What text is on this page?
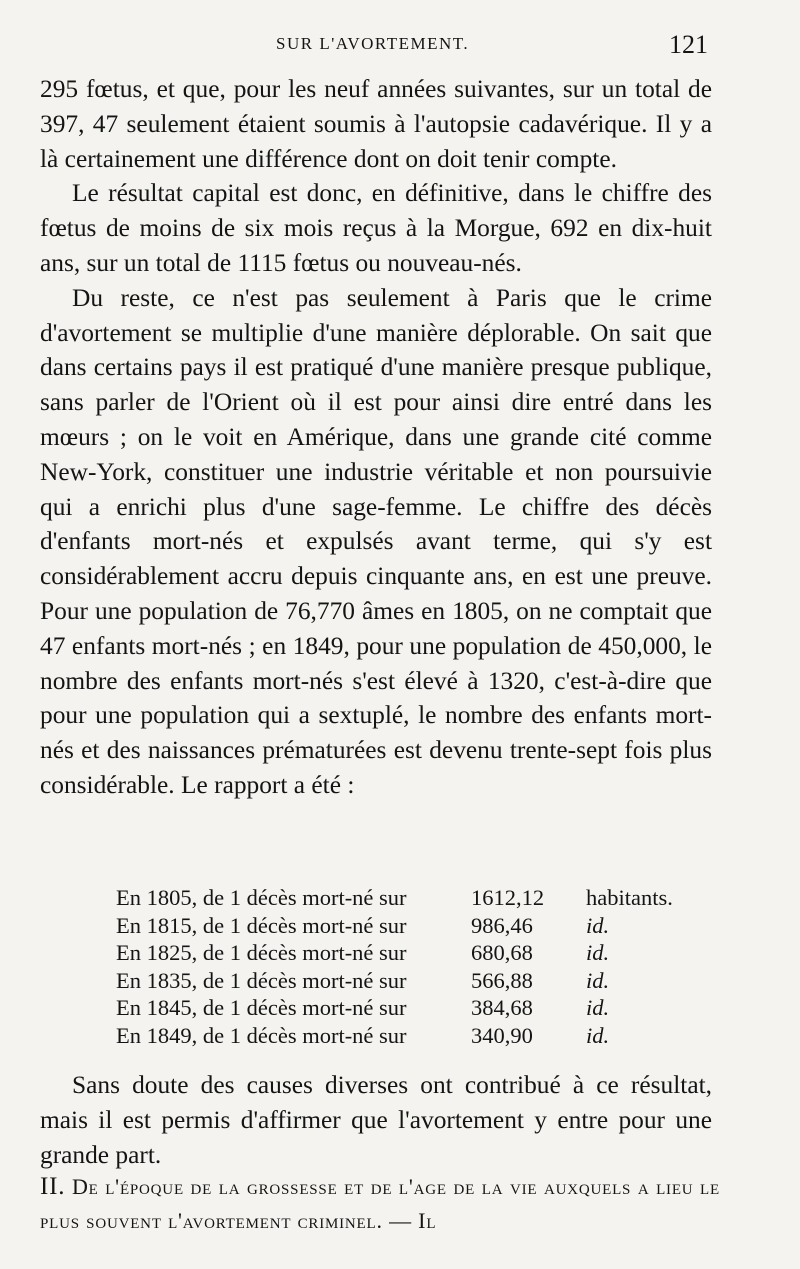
SUR L'AVORTEMENT.	121

295 fœtus, et que, pour les neuf années suivantes, sur un total de 397, 47 seulement étaient soumis à l'autopsie cadavérique. Il y a là certainement une différence dont on doit tenir compte.

Le résultat capital est donc, en définitive, dans le chiffre des fœtus de moins de six mois reçus à la Morgue, 692 en dix-huit ans, sur un total de 1115 fœtus ou nouveau-nés.

Du reste, ce n'est pas seulement à Paris que le crime d'avortement se multiplie d'une manière déplorable. On sait que dans certains pays il est pratiqué d'une manière presque publique, sans parler de l'Orient où il est pour ainsi dire entré dans les mœurs ; on le voit en Amérique, dans une grande cité comme New-York, constituer une industrie véritable et non poursuivie qui a enrichi plus d'une sage-femme. Le chiffre des décès d'enfants mort-nés et expulsés avant terme, qui s'y est considérablement accru depuis cinquante ans, en est une preuve. Pour une population de 76,770 âmes en 1805, on ne comptait que 47 enfants mort-nés ; en 1849, pour une population de 450,000, le nombre des enfants mort-nés s'est élevé à 1320, c'est-à-dire que pour une population qui a sextuplé, le nombre des enfants mort-nés et des naissances prématurées est devenu trente-sept fois plus considérable. Le rapport a été :

En 1805, de 1 décès mort-né sur	1612,12	habitants.
En 1815, de 1 décès mort-né sur	986,46	id.
En 1825, de 1 décès mort-né sur	680,68	id.
En 1835, de 1 décès mort-né sur	566,88	id.
En 1845, de 1 décès mort-né sur	384,68	id.
En 1849, de 1 décès mort-né sur	340,90	id.

Sans doute des causes diverses ont contribué à ce résultat, mais il est permis d'affirmer que l'avortement y entre pour une grande part.

II. De l'époque de la grossesse et de l'age de la vie auxquels a lieu le plus souvent l'avortement criminel. — Il
